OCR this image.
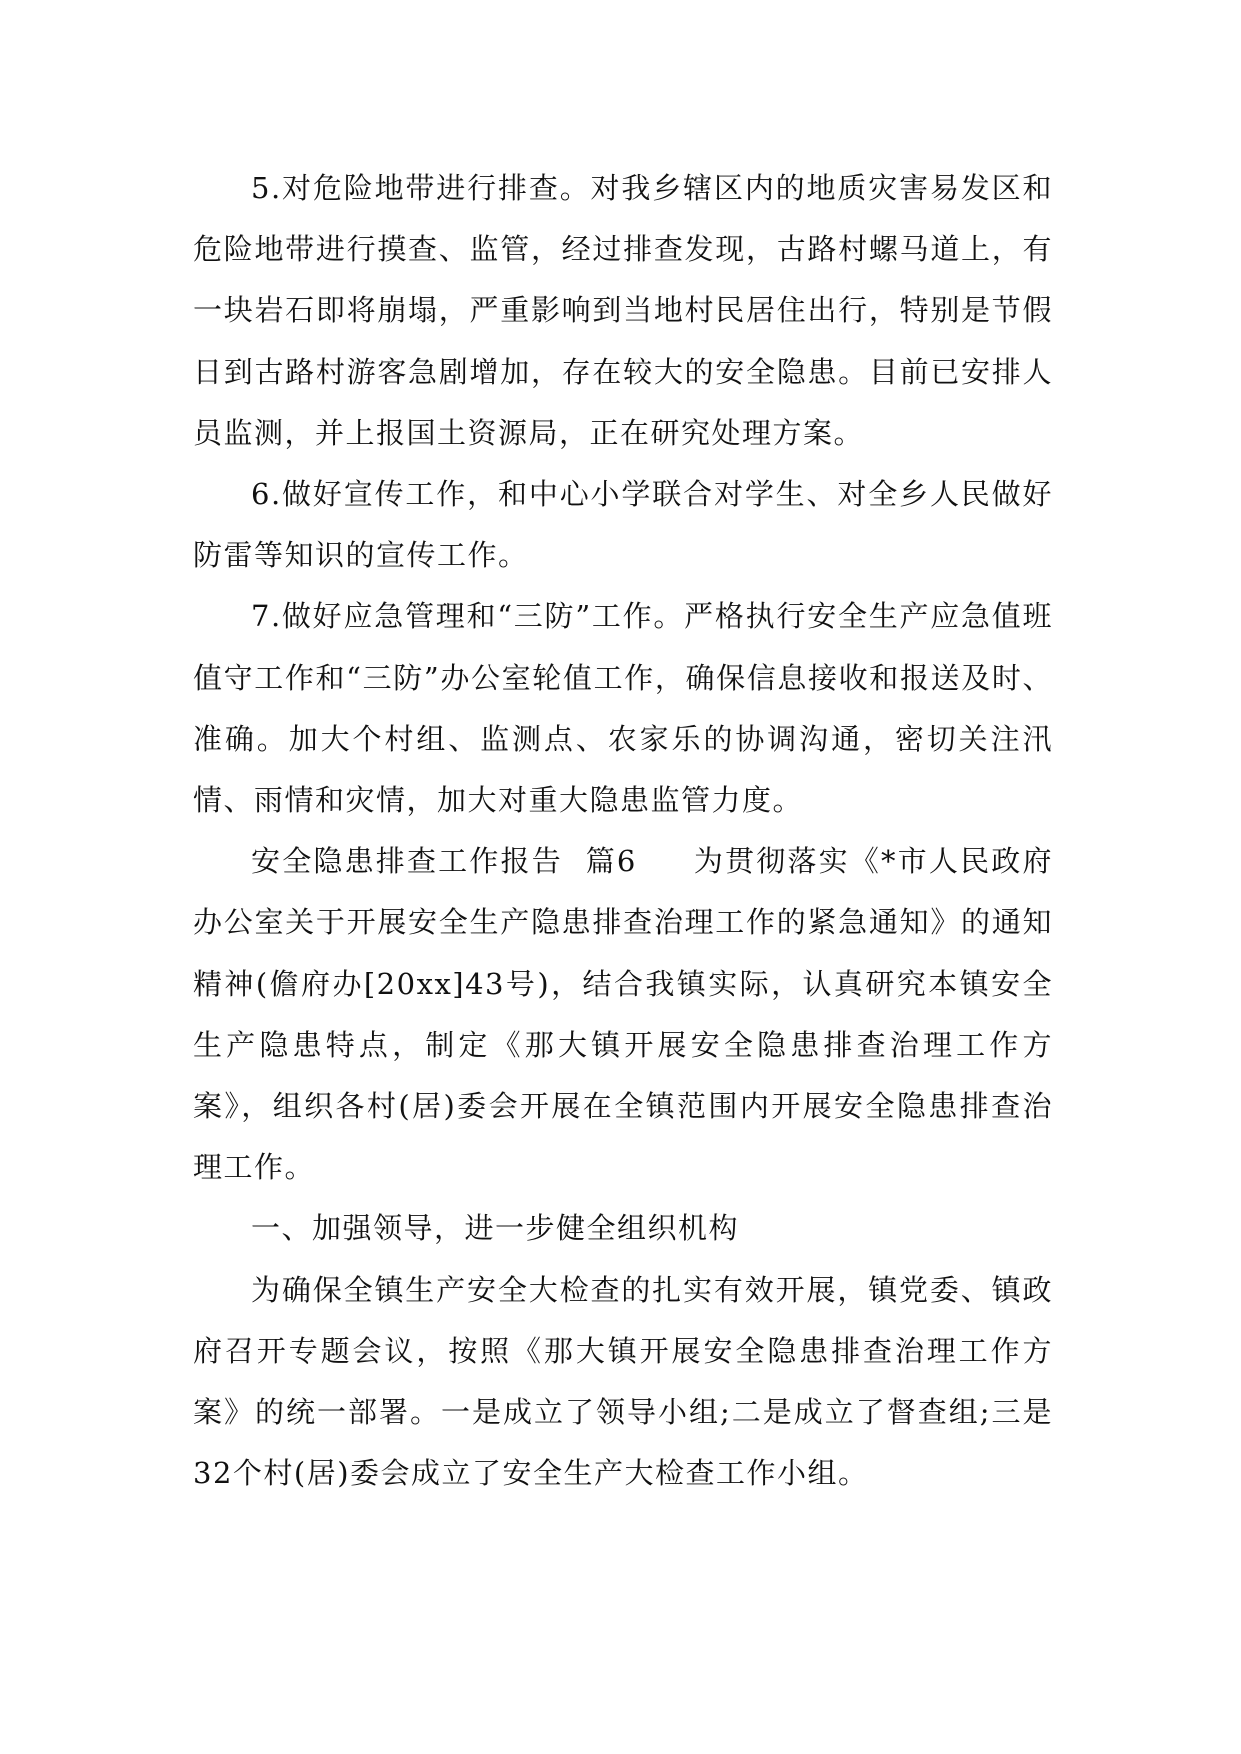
5.对危险地带进行排查。对我乡辖区内的地质灾害易发区和危险地带进行摸查、监管，经过排查发现，古路村螺马道上，有一块岩石即将崩塌，严重影响到当地村民居住出行，特别是节假日到古路村游客急剧增加，存在较大的安全隐患。目前已安排人员监测，并上报国土资源局，正在研究处理方案。

6.做好宣传工作，和中心小学联合对学生、对全乡人民做好防雷等知识的宣传工作。

7.做好应急管理和“三防”工作。严格执行安全生产应急值班值守工作和“三防”办公室轮值工作，确保信息接收和报送及时、准确。加大个村组、监测点、农家乐的协调沟通，密切关注汛情、雨情和灾情，加大对重大隐患监管力度。

安全隐患排查工作报告  篇6     为贯彻落实《*市人民政府办公室关于开展安全生产隐患排查治理工作的紧急通知》的通知精神(儋府办[20xx]43号)，结合我镇实际，认真研究本镇安全生产隐患特点，制定《那大镇开展安全隐患排查治理工作方案》，组织各村(居)委会开展在全镇范围内开展安全隐患排查治理工作。

一、加强领导，进一步健全组织机构

为确保全镇生产安全大检查的扎实有效开展，镇党委、镇政府召开专题会议，按照《那大镇开展安全隐患排查治理工作方案》的统一部署。一是成立了领导小组;二是成立了督查组;三是32个村(居)委会成立了安全生产大检查工作小组。
